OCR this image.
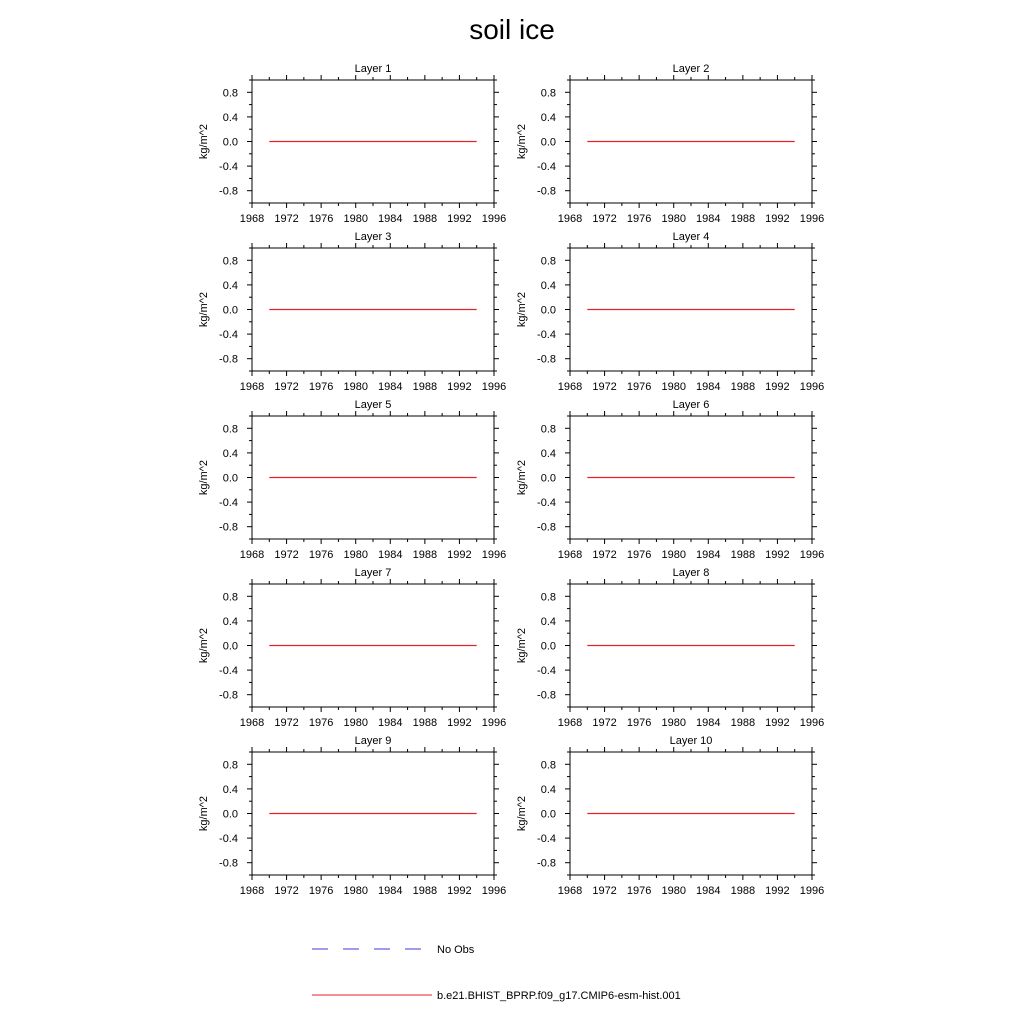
soil ice
Layer 1
1968 1972 1976 1980 1984 1988 1992 1996
0.8
0.4
0.0
-0.4
-0.8
kg/m^2
Layer 2
1968 1972 1976 1980 1984 1988 1992 1996
0.8
0.4
0.0
-0.4
-0.8
kg/m^2
Layer 3
1968 1972 1976 1980 1984 1988 1992 1996
0.8
0.4
0.0
-0.4
-0.8
kg/m^2
Layer 4
1968 1972 1976 1980 1984 1988 1992 1996
0.8
0.4
0.0
-0.4
-0.8
kg/m^2
Layer 5
1968 1972 1976 1980 1984 1988 1992 1996
0.8
0.4
0.0
-0.4
-0.8
kg/m^2
Layer 6
1968 1972 1976 1980 1984 1988 1992 1996
0.8
0.4
0.0
-0.4
-0.8
kg/m^2
Layer 7
1968 1972 1976 1980 1984 1988 1992 1996
0.8
0.4
0.0
-0.4
-0.8
kg/m^2
Layer 8
1968 1972 1976 1980 1984 1988 1992 1996
0.8
0.4
0.0
-0.4
-0.8
kg/m^2
Layer 9
1968 1972 1976 1980 1984 1988 1992 1996
0.8
0.4
0.0
-0.4
-0.8
kg/m^2
Layer 10
1968 1972 1976 1980 1984 1988 1992 1996
0.8
0.4
0.0
-0.4
-0.8
kg/m^2
No Obs
b.e21.BHIST_BPRP.f09_g17.CMIP6-esm-hist.001
